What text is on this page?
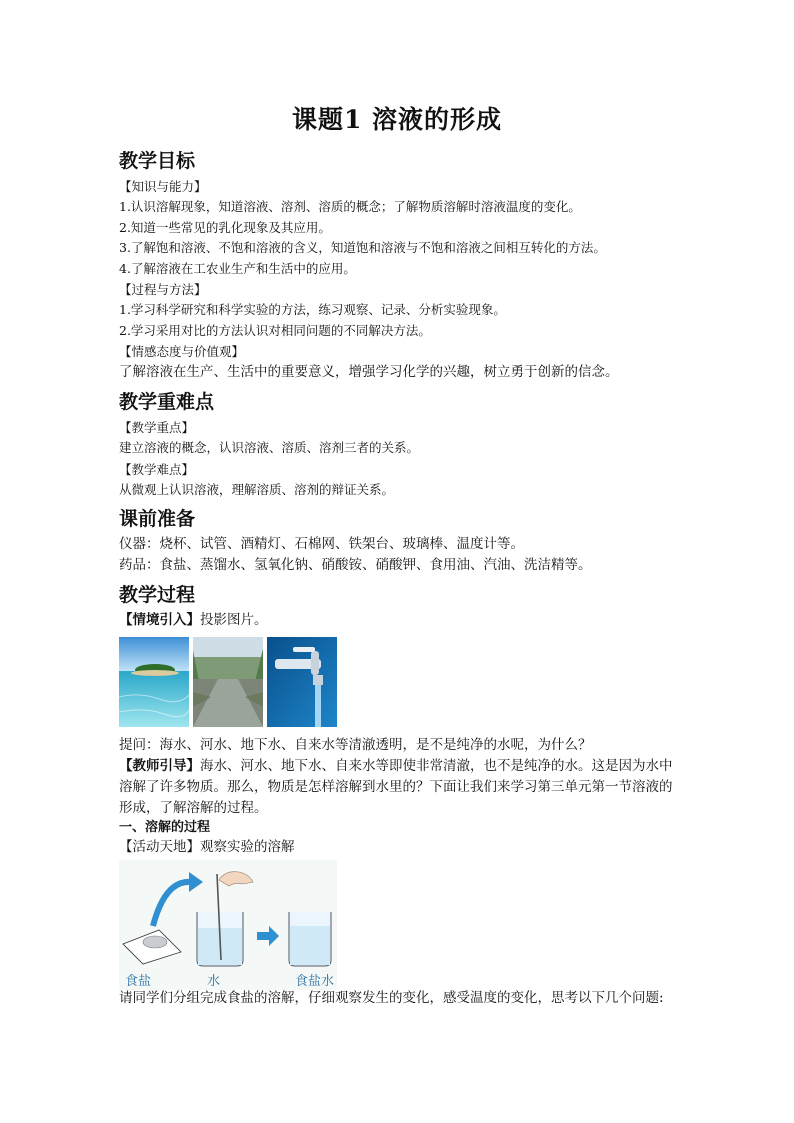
课题1 溶液的形成
教学目标

【知识与能力】

1.认识溶解现象，知道溶液、溶剂、溶质的概念；了解物质溶解时溶液温度的变化。

2.知道一些常见的乳化现象及其应用。

3.了解饱和溶液、不饱和溶液的含义，知道饱和溶液与不饱和溶液之间相互转化的方法。

4.了解溶液在工农业生产和生活中的应用。

【过程与方法】

1.学习科学研究和科学实验的方法，练习观察、记录、分析实验现象。

2.学习采用对比的方法认识对相同问题的不同解决方法。

【情感态度与价值观】

了解溶液在生产、生活中的重要意义，增强学习化学的兴趣，树立勇于创新的信念。

教学重难点

【教学重点】

建立溶液的概念，认识溶液、溶质、溶剂三者的关系。

【教学难点】

从微观上认识溶液，理解溶质、溶剂的辩证关系。

课前准备

仪器：烧杯、试管、酒精灯、石棉网、铁架台、玻璃棒、温度计等。

药品：食盐、蒸馏水、氢氧化钠、硝酸铵、硝酸钾、食用油、汽油、洗洁精等。

教学过程

【情境引入】投影图片。

提问：海水、河水、地下水、自来水等清澈透明，是不是纯净的水呢，为什么？

【教师引导】海水、河水、地下水、自来水等即使非常清澈，也不是纯净的水。这是因为水中溶解了许多物质。那么，物质是怎样溶解到水里的？下面让我们来学习第三单元第一节溶液的形成，了解溶解的过程。

一、溶解的过程

【活动天地】观察实验的溶解

食盐	水	食盐水

请同学们分组完成食盐的溶解，仔细观察发生的变化，感受温度的变化，思考以下几个问题:
